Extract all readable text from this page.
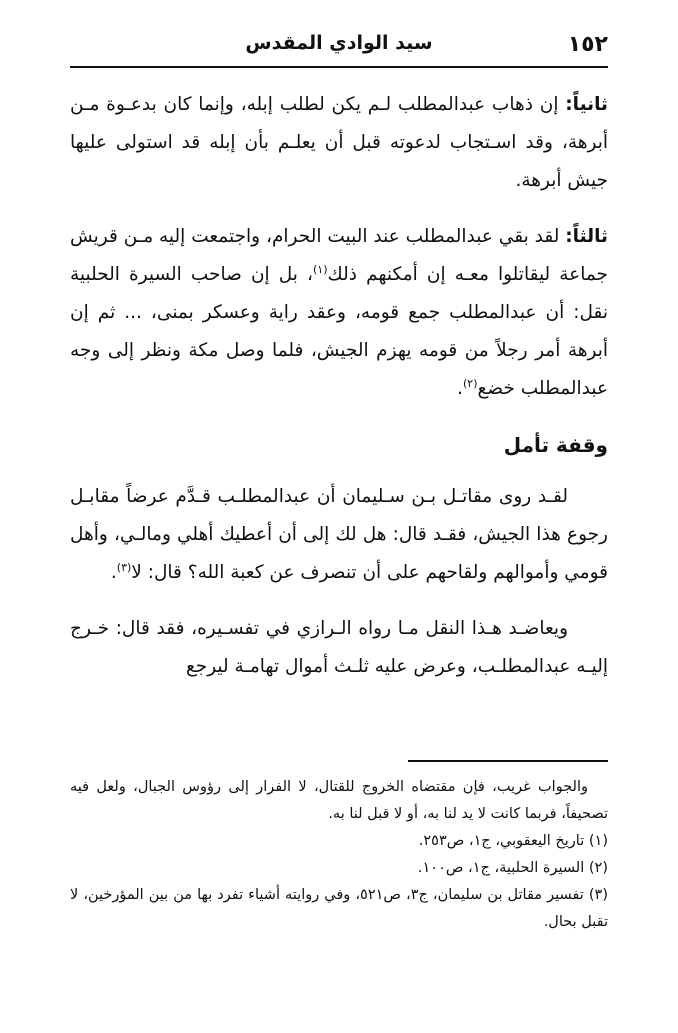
١٥٢
سيد الوادي المقدس

ثانياً: إن ذهاب عبدالمطلب لـم يكن لطلب إبله، وإنما كان بدعـوة مـن أبرهة، وقد اسـتجاب لدعوته قبل أن يعلـم بأن إبله قد استولى عليها جيش أبرهة.

ثالثاً: لقد بقي عبدالمطلب عند البيت الحرام، واجتمعت إليه مـن قريش جماعة ليقاتلوا معـه إن أمكنهم ذلك$^{(١)}$، بل إن صاحب السيرة الحلبية نقل: أن عبدالمطلب جمع قومه، وعقد راية وعسكر بمنى، ... ثم إن أبرهة أمر رجلاً من قومه يهزم الجيش، فلما وصل مكة ونظر إلى وجه عبدالمطلب خضع$^{(٢)}$.

وقفة تأمل

لقـد روى مقاتـل بـن سـليمان أن عبدالمطلـب قـدَّم عرضاً مقابـل رجوع هذا الجيش، فقـد قال: هل لك إلى أن أعطيك أهلي ومالـي، وأهل قومي وأموالهم ولقاحهم على أن تنصرف عن كعبة الله؟ قال: لا$^{(٣)}$.

ويعاضـد هـذا النقل مـا رواه الـرازي في تفسـيره، فقد قال: خـرج إليـه عبدالمطلـب، وعرض عليه ثلـث أموال تهامـة ليرجع

والجواب غريب، فإن مقتضاه الخروج للقتال، لا الفرار إلى رؤوس الجبال، ولعل فيه تصحيفاً، فربما كانت لا يد لنا به، أو لا قبل لنا به.

(١) تاريخ اليعقوبي، ج١، ص٢٥٣.

(٢) السيرة الحلبية، ج١، ص١٠٠.

(٣) تفسير مقاتل بن سليمان، ج٣، ص٥٢١، وفي روايته أشياء تفرد بها من بين المؤرخين، لا تقبل بحال.
